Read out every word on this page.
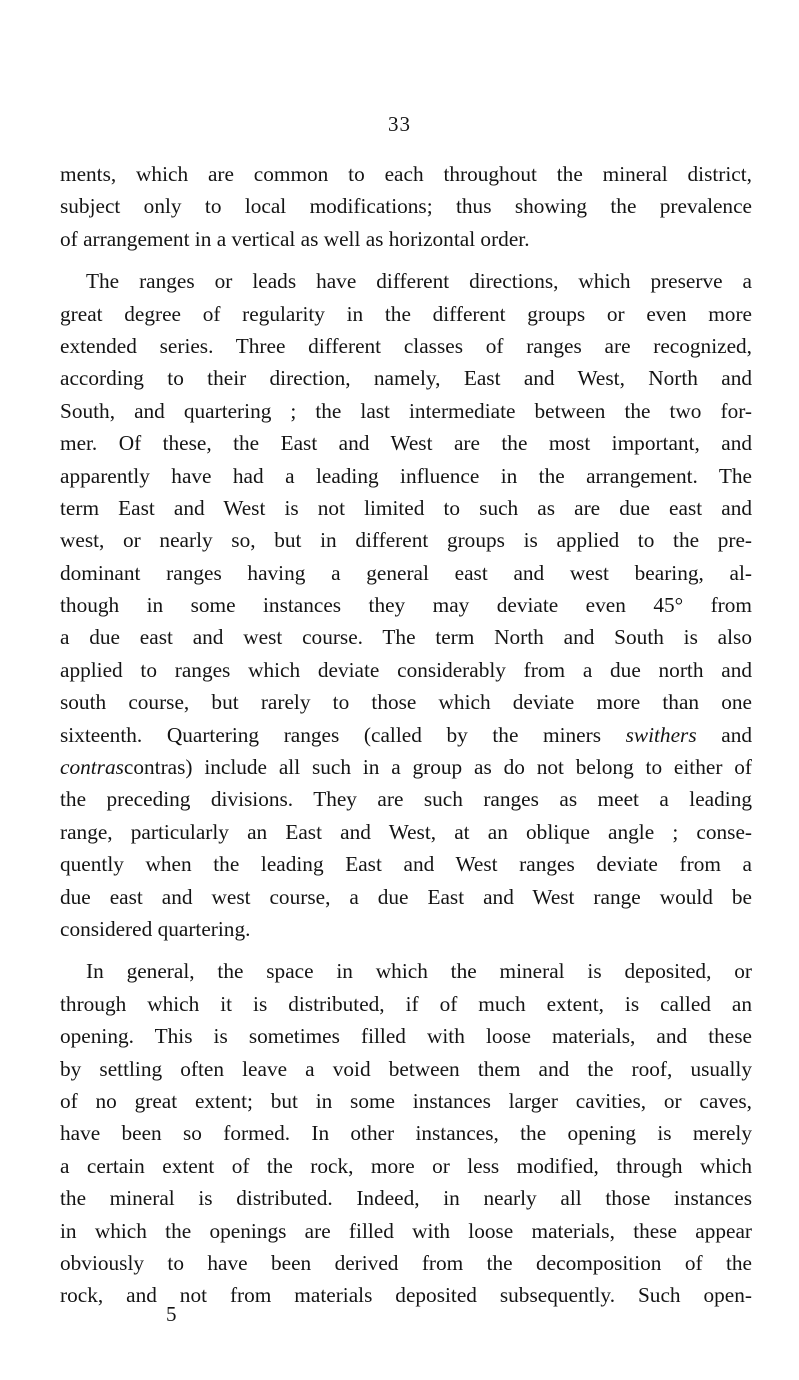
33
ments, which are common to each throughout the mineral district,
subject only to local modifications; thus showing the prevalence
of arrangement in a vertical as well as horizontal order.
The ranges or leads have different directions, which preserve a
great degree of regularity in the different groups or even more
extended series. Three different classes of ranges are recognized,
according to their direction, namely, East and West, North and
South, and quartering ; the last intermediate between the two for-
mer. Of these, the East and West are the most important, and
apparently have had a leading influence in the arrangement. The
term East and West is not limited to such as are due east and
west, or nearly so, but in different groups is applied to the pre-
dominant ranges having a general east and west bearing, al-
though in some instances they may deviate even 45° from
a due east and west course. The term North and South is also
applied to ranges which deviate considerably from a due north and
south course, but rarely to those which deviate more than one
sixteenth. Quartering ranges (called by the miners swithers and
contrascontras) include all such in a group as do not belong to either of
the preceding divisions. They are such ranges as meet a leading
range, particularly an East and West, at an oblique angle ; conse-
quently when the leading East and West ranges deviate from a
due east and west course, a due East and West range would be
considered quartering.
In general, the space in which the mineral is deposited, or
through which it is distributed, if of much extent, is called an
opening. This is sometimes filled with loose materials, and these
by settling often leave a void between them and the roof, usually
of no great extent; but in some instances larger cavities, or caves,
have been so formed. In other instances, the opening is merely
a certain extent of the rock, more or less modified, through which
the mineral is distributed. Indeed, in nearly all those instances
in which the openings are filled with loose materials, these appear
obviously to have been derived from the decomposition of the
rock, and not from materials deposited subsequently. Such open-
5
